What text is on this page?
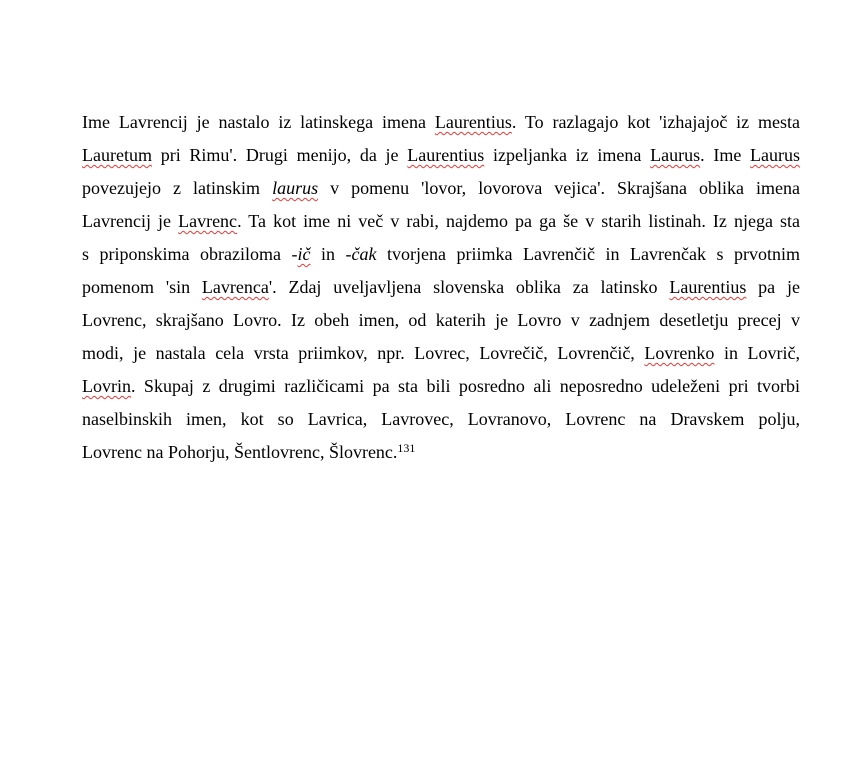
Ime Lavrencij je nastalo iz latinskega imena Laurentius. To razlagajo kot 'izhajajoč iz mesta
Lauretum pri Rimu'. Drugi menijo, da je Laurentius izpeljanka iz imena Laurus. Ime Laurus
povezujejo z latinskim laurus v pomenu 'lovor, lovorova vejica'. Skrajšana oblika imena
Lavrencij je Lavrenc. Ta kot ime ni več v rabi, najdemo pa ga še v starih listinah. Iz njega sta
s priponskima obraziloma -ič in -čak tvorjena priimka Lavrenčič in Lavrenčak s prvotnim
pomenom 'sin Lavrenca'. Zdaj uveljavljena slovenska oblika za latinsko Laurentius pa je
Lovrenc, skrajšano Lovro. Iz obeh imen, od katerih je Lovro v zadnjem desetletju precej v
modi, je nastala cela vrsta priimkov, npr. Lovrec, Lovrečič, Lovrenčič, Lovrenko in Lovrič,
Lovrin. Skupaj z drugimi različicami pa sta bili posredno ali neposredno udeleženi pri tvorbi
naselbinskih imen, kot so Lavrica, Lavrovec, Lovranovo, Lovrenc na Dravskem polju,
Lovrenc na Pohorju, Šentlovrenc, Šlovrenc.$^{131}$
